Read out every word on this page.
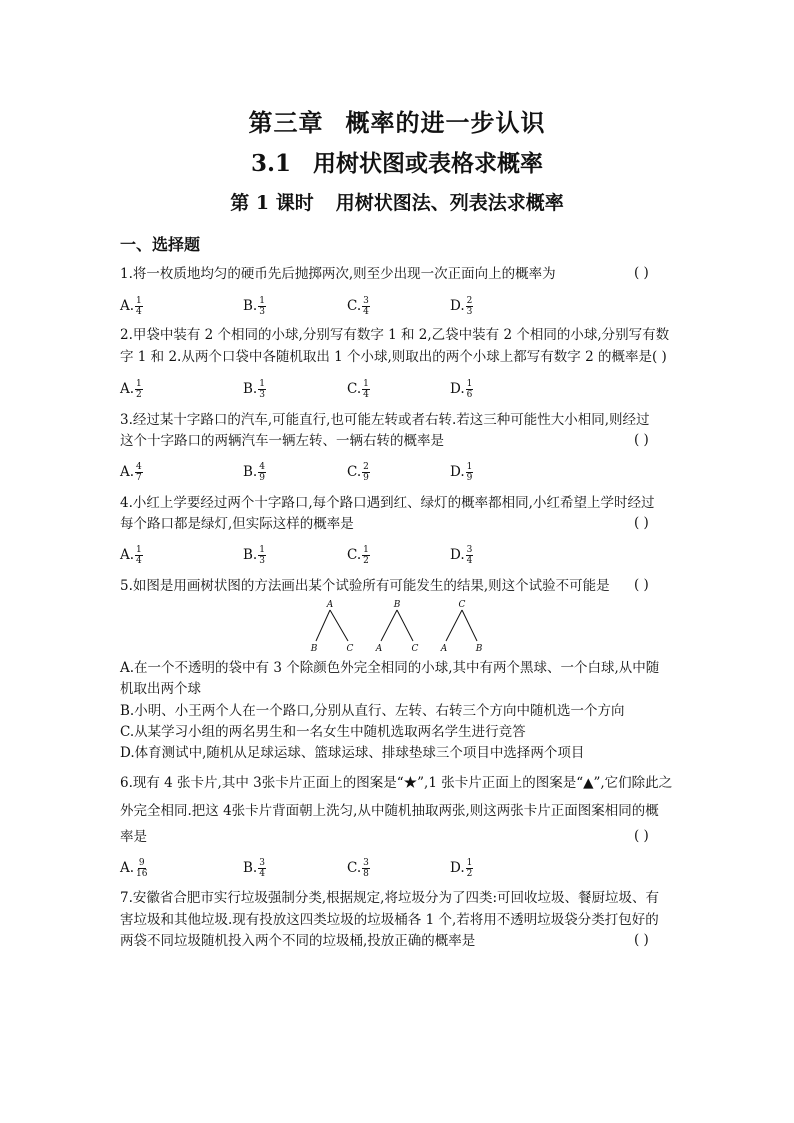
第三章 概率的进一步认识
3.1 用树状图或表格求概率
第 1 课时 用树状图法、列表法求概率
一、选择题
1.将一枚质地均匀的硬币先后抛掷两次,则至少出现一次正面向上的概率为	( )
A. $\frac{1}{4}$	B. $\frac{1}{3}$	C. $\frac{3}{4}$	D. $\frac{2}{3}$
2.甲袋中装有 2 个相同的小球,分别写有数字 1 和 2,乙袋中装有 2 个相同的小球,分别写有数
字 1 和 2.从两个口袋中各随机取出 1 个小球,则取出的两个小球上都写有数字 2 的概率是( )
A. $\frac{1}{2}$	B. $\frac{1}{3}$	C. $\frac{1}{4}$	D. $\frac{1}{6}$
3.经过某十字路口的汽车,可能直行,也可能左转或者右转.若这三种可能性大小相同,则经过
这个十字路口的两辆汽车一辆左转、一辆右转的概率是	( )
A. $\frac{4}{7}$	B. $\frac{4}{9}$	C. $\frac{2}{9}$	D. $\frac{1}{9}$
4.小红上学要经过两个十字路口,每个路口遇到红、绿灯的概率都相同,小红希望上学时经过
每个路口都是绿灯,但实际这样的概率是	( )
A. $\frac{1}{4}$	B. $\frac{1}{3}$	C. $\frac{1}{2}$	D. $\frac{3}{4}$
5.如图是用画树状图的方法画出某个试验所有可能发生的结果,则这个试验不可能是	( )
A
B	C
B
A	C
C
A	B
A.在一个不透明的袋中有 3 个除颜色外完全相同的小球,其中有两个黑球、一个白球,从中随
机取出两个球
B.小明、小王两个人在一个路口,分别从直行、左转、右转三个方向中随机选一个方向
C.从某学习小组的两名男生和一名女生中随机选取两名学生进行竞答
D.体育测试中,随机从足球运球、篮球运球、排球垫球三个项目中选择两个项目
6.现有 4 张卡片,其中 3张卡片正面上的图案是“★”,1 张卡片正面上的图案是“▲”,它们除此之
外完全相同.把这 4张卡片背面朝上洗匀,从中随机抽取两张,则这两张卡片正面图案相同的概
率是	( )
A. $\frac{9}{16}$	B. $\frac{3}{4}$	C. $\frac{3}{8}$	D. $\frac{1}{2}$
7.安徽省合肥市实行垃圾强制分类,根据规定,将垃圾分为了四类:可回收垃圾、餐厨垃圾、有
害垃圾和其他垃圾.现有投放这四类垃圾的垃圾桶各 1 个,若将用不透明垃圾袋分类打包好的
两袋不同垃圾随机投入两个不同的垃圾桶,投放正确的概率是	( )
